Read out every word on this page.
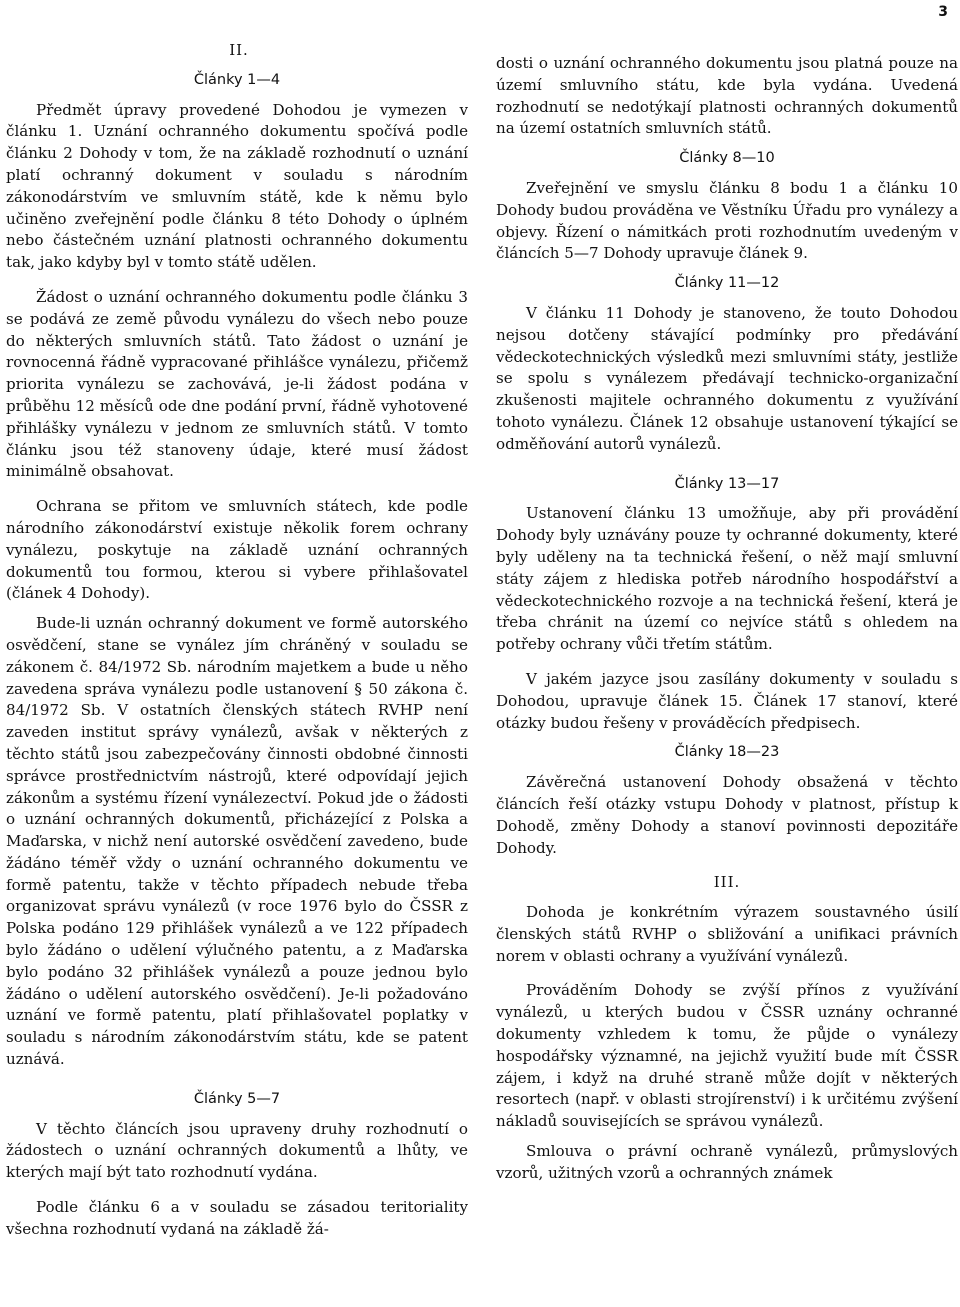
3
II.
Články 1—4

Předmět úpravy provedené Dohodou je vymezen v článku 1. Uznání ochranného dokumentu spočívá podle článku 2 Dohody v tom, že na základě rozhodnutí o uznání platí ochranný dokument v souladu s národním zákonodárstvím ve smluvním státě, kde k němu bylo učiněno zveřejnění podle článku 8 této Dohody o úplném nebo částečném uznání platnosti ochranného dokumentu tak, jako kdyby byl v tomto státě udělen.

Žádost o uznání ochranného dokumentu podle článku 3 se podává ze země původu vynálezu do všech nebo pouze do některých smluvních států. Tato žádost o uznání je rovnocenná řádně vypracované přihlášce vynálezu, přičemž priorita vynálezu se zachovává, je-li žádost podána v průběhu 12 měsíců ode dne podání první, řádně vyhotovené přihlášky vynálezu v jednom ze smluvních států. V tomto článku jsou též stanoveny údaje, které musí žádost minimálně obsahovat.

Ochrana se přitom ve smluvních státech, kde podle národního zákonodárství existuje několik forem ochrany vynálezu, poskytuje na základě uznání ochranných dokumentů tou formou, kterou si vybere přihlašovatel (článek 4 Dohody).

Bude-li uznán ochranný dokument ve formě autorského osvědčení, stane se vynález jím chráněný v souladu se zákonem č. 84/1972 Sb. národním majetkem a bude u něho zavedena správa vynálezu podle ustanovení § 50 zákona č. 84/1972 Sb. V ostatních členských státech RVHP není zaveden institut správy vynálezů, avšak v některých z těchto států jsou zabezpečovány činnosti obdobné činnosti správce prostřednictvím nástrojů, které odpovídají jejich zákonům a systému řízení vynálezectví. Pokud jde o žádosti o uznání ochranných dokumentů, přicházející z Polska a Maďarska, v nichž není autorské osvědčení zavedeno, bude žádáno téměř vždy o uznání ochranného dokumentu ve formě patentu, takže v těchto případech nebude třeba organizovat správu vynálezů (v roce 1976 bylo do ČSSR z Polska podáno 129 přihlášek vynálezů a ve 122 případech bylo žádáno o udělení výlučného patentu, a z Maďarska bylo podáno 32 přihlášek vynálezů a pouze jednou bylo žádáno o udělení autorského osvědčení). Je-li požadováno uznání ve formě patentu, platí přihlašovatel poplatky v souladu s národním zákonodárstvím státu, kde se patent uznává.

Články 5—7

V těchto článcích jsou upraveny druhy rozhodnutí o žádostech o uznání ochranných dokumentů a lhůty, ve kterých mají být tato rozhodnutí vydána.

Podle článku 6 a v souladu se zásadou teritoriality všechna rozhodnutí vydaná na základě žá-

dosti o uznání ochranného dokumentu jsou platná pouze na území smluvního státu, kde byla vydána. Uvedená rozhodnutí se nedotýkají platnosti ochranných dokumentů na území ostatních smluvních států.

Články 8—10

Zveřejnění ve smyslu článku 8 bodu 1 a článku 10 Dohody budou prováděna ve Věstníku Úřadu pro vynálezy a objevy. Řízení o námitkách proti rozhodnutím uvedeným v článcích 5—7 Dohody upravuje článek 9.

Články 11—12

V článku 11 Dohody je stanoveno, že touto Dohodou nejsou dotčeny stávající podmínky pro předávání vědeckotechnických výsledků mezi smluvními státy, jestliže se spolu s vynálezem předávají technicko-organizační zkušenosti majitele ochranného dokumentu z využívání tohoto vynálezu. Článek 12 obsahuje ustanovení týkající se odměňování autorů vynálezů.

Články 13—17

Ustanovení článku 13 umožňuje, aby při provádění Dohody byly uznávány pouze ty ochranné dokumenty, které byly uděleny na ta technická řešení, o něž mají smluvní státy zájem z hlediska potřeb národního hospodářství a vědeckotechnického rozvoje a na technická řešení, která je třeba chránit na území co nejvíce států s ohledem na potřeby ochrany vůči třetím státům.

V jakém jazyce jsou zasílány dokumenty v souladu s Dohodou, upravuje článek 15. Článek 17 stanoví, které otázky budou řešeny v prováděcích předpisech.

Články 18—23

Závěrečná ustanovení Dohody obsažená v těchto článcích řeší otázky vstupu Dohody v platnost, přístup k Dohodě, změny Dohody a stanoví povinnosti depozitáře Dohody.

III.

Dohoda je konkrétním výrazem soustavného úsilí členských států RVHP o sbližování a unifikaci právních norem v oblasti ochrany a využívání vynálezů.

Prováděním Dohody se zvýší přínos z využívání vynálezů, u kterých budou v ČSSR uznány ochranné dokumenty vzhledem k tomu, že půjde o vynálezy hospodářsky významné, na jejichž využití bude mít ČSSR zájem, i když na druhé straně může dojít v některých resortech (např. v oblasti strojírenství) i k určitému zvýšení nákladů souvisejících se správou vynálezů.

Smlouva o právní ochraně vynálezů, průmyslových vzorů, užitných vzorů a ochranných známek
